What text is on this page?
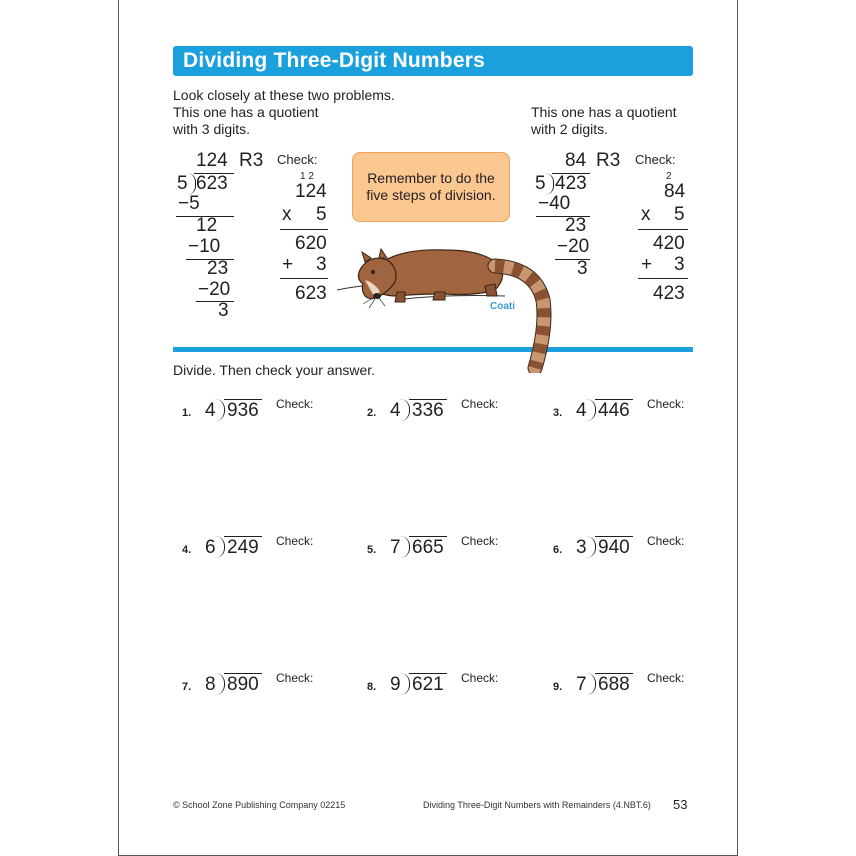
Dividing Three-Digit Numbers
Look closely at these two problems.
This one has a quotient
with 3 digits.
This one has a quotient
with 2 digits.
124 R3
5 623
−5
12
−10
23
−20
3
Check:
1 2
124
x 5
620
+ 3
623
Remember to do the
five steps of division.
84 R3
5 423
−40
23
−20
3
Check:
2
84
x 5
420
+ 3
423
Coati
Divide. Then check your answer.
1. 4 936 Check:
2. 4 336 Check:
3. 4 446 Check:
4. 6 249 Check:
5. 7 665 Check:
6. 3 940 Check:
7. 8 890 Check:
8. 9 621 Check:
9. 7 688 Check:
© School Zone Publishing Company 02215	Dividing Three-Digit Numbers with Remainders (4.NBT.6) 53
